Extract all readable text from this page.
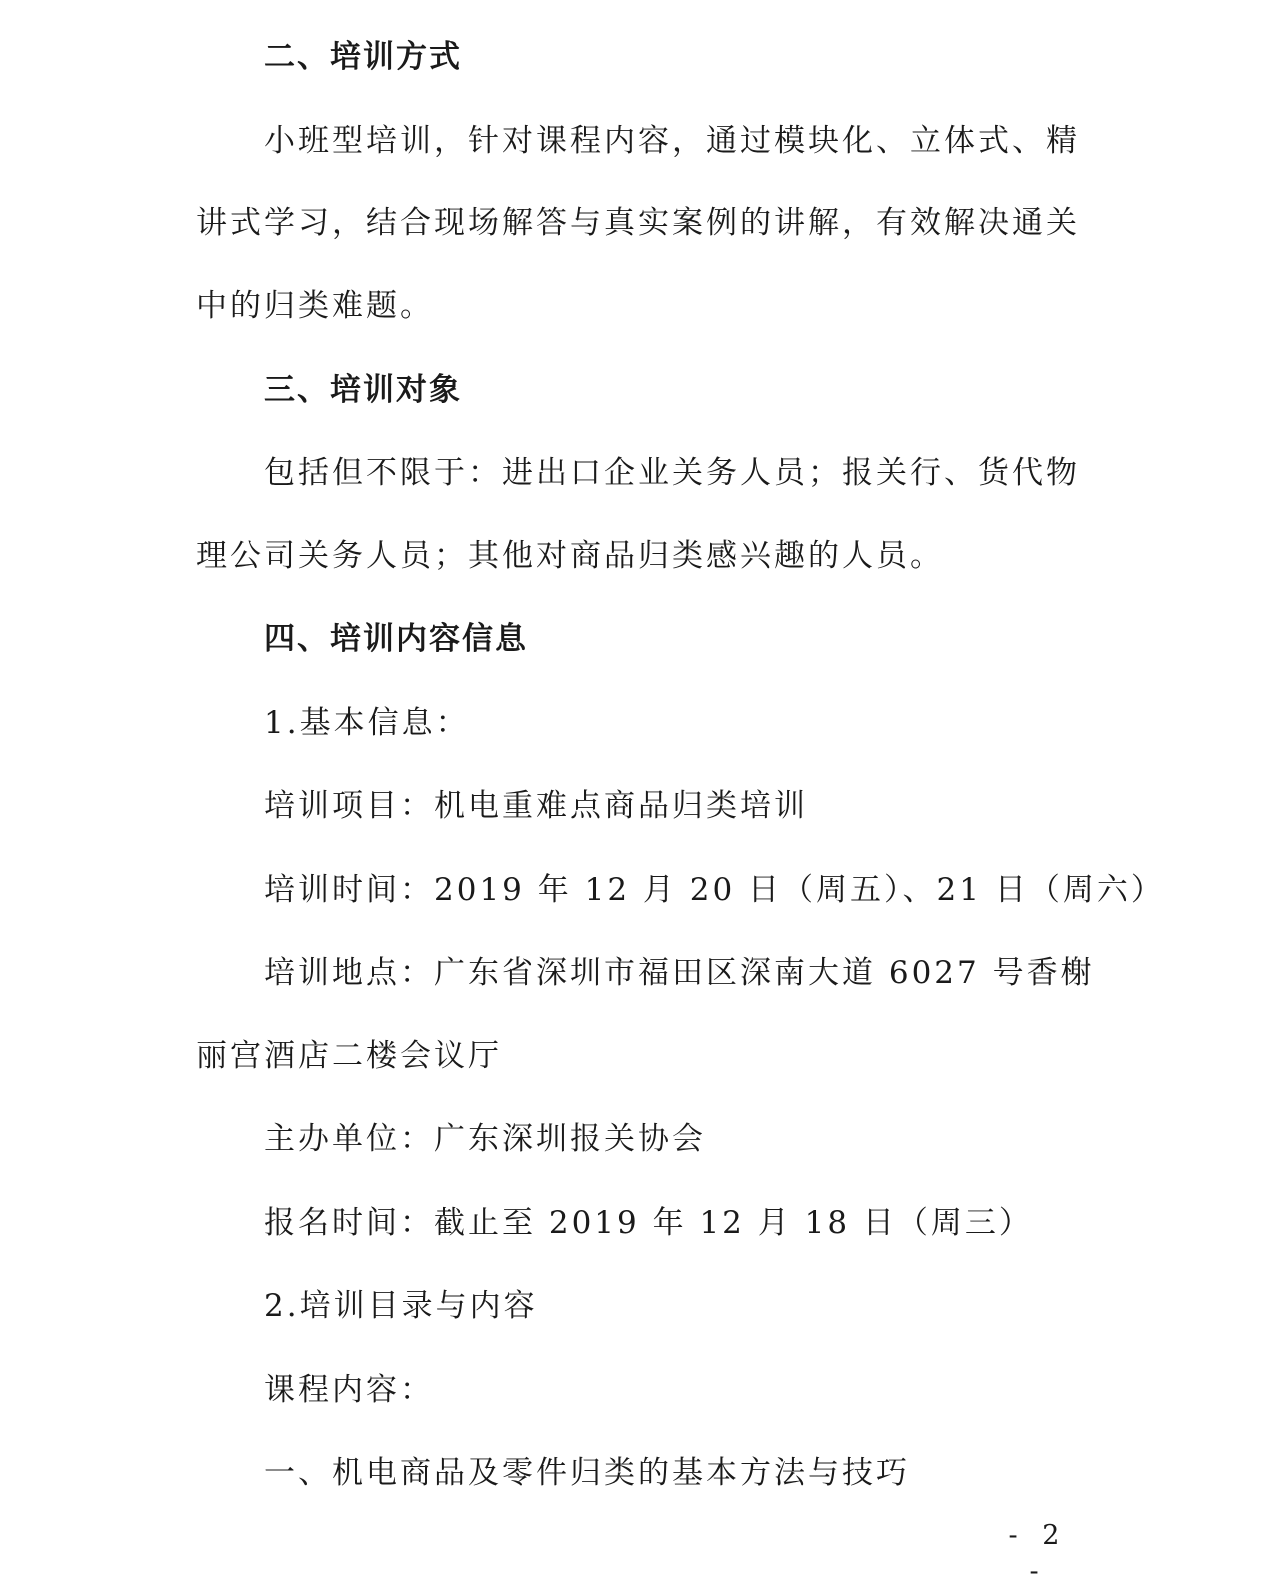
二、培训方式
小班型培训，针对课程内容，通过模块化、立体式、精
讲式学习，结合现场解答与真实案例的讲解，有效解决通关
中的归类难题。
三、培训对象
包括但不限于：进出口企业关务人员；报关行、货代物
理公司关务人员；其他对商品归类感兴趣的人员。
四、培训内容信息
1.基本信息：
培训项目：机电重难点商品归类培训
培训时间：2019 年 12 月 20 日（周五）、21 日（周六）
培训地点：广东省深圳市福田区深南大道 6027 号香榭
丽宫酒店二楼会议厅
主办单位：广东深圳报关协会
报名时间：截止至 2019 年 12 月 18 日（周三）
2.培训目录与内容
课程内容：
一、机电商品及零件归类的基本方法与技巧
- 2 -
